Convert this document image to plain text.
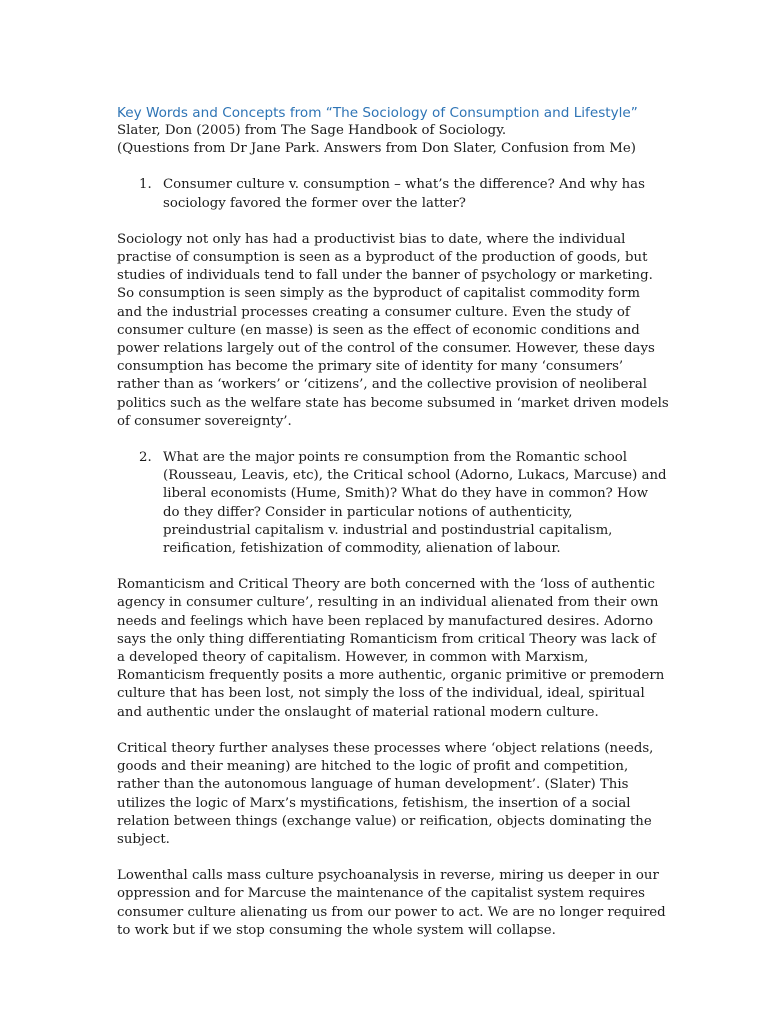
Key Words and Concepts from “The Sociology of Consumption and Lifestyle”

Slater, Don (2005) from The Sage Handbook of Sociology.

(Questions from Dr Jane Park. Answers from Don Slater, Confusion from Me)

1. Consumer culture v. consumption – what’s the difference? And why has
sociology favored the former over the latter?
Sociology not only has had a productivist bias to date, where the individual
practise of consumption is seen as a byproduct of the production of goods, but
studies of individuals tend to fall under the banner of psychology or marketing.
So consumption is seen simply as the byproduct of capitalist commodity form
and the industrial processes creating a consumer culture. Even the study of
consumer culture (en masse) is seen as the effect of economic conditions and
power relations largely out of the control of the consumer. However, these days
consumption has become the primary site of identity for many ‘consumers’
rather than as ‘workers’ or ‘citizens’, and the collective provision of neoliberal
politics such as the welfare state has become subsumed in ‘market driven models
of consumer sovereignty’.
2. What are the major points re consumption from the Romantic school
(Rousseau, Leavis, etc), the Critical school (Adorno, Lukacs, Marcuse) and
liberal economists (Hume, Smith)? What do they have in common? How
do they differ? Consider in particular notions of authenticity,
preindustrial capitalism v. industrial and postindustrial capitalism,
reification, fetishization of commodity, alienation of labour.
Romanticism and Critical Theory are both concerned with the ‘loss of authentic
agency in consumer culture’, resulting in an individual alienated from their own
needs and feelings which have been replaced by manufactured desires. Adorno
says the only thing differentiating Romanticism from critical Theory was lack of
a developed theory of capitalism. However, in common with Marxism,
Romanticism frequently posits a more authentic, organic primitive or premodern
culture that has been lost, not simply the loss of the individual, ideal, spiritual
and authentic under the onslaught of material rational modern culture.
Critical theory further analyses these processes where ‘object relations (needs,
goods and their meaning) are hitched to the logic of profit and competition,
rather than the autonomous language of human development’. (Slater) This
utilizes the logic of Marx’s mystifications, fetishism, the insertion of a social
relation between things (exchange value) or reification, objects dominating the
subject.
Lowenthal calls mass culture psychoanalysis in reverse, miring us deeper in our
oppression and for Marcuse the maintenance of the capitalist system requires
consumer culture alienating us from our power to act. We are no longer required
to work but if we stop consuming the whole system will collapse.
